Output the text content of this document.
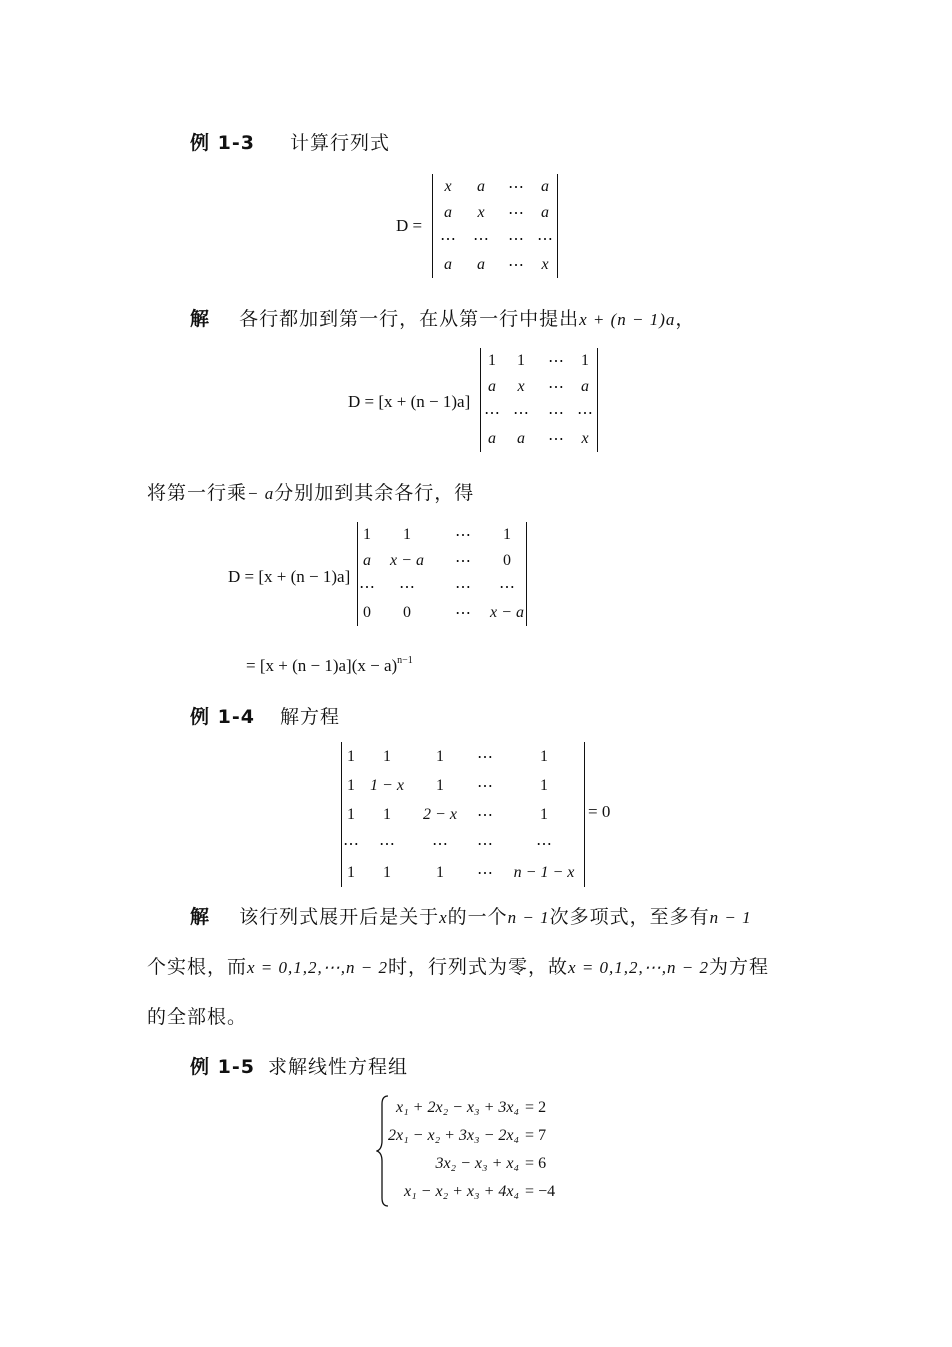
例 1-3 计算行列式
D =
x	a	⋯	a
a	x	⋯	a
⋯	⋯	⋯	⋯
a	a	⋯	x
解 各行都加到第一行，在从第一行中提出x + (n − 1)a，
D = [x + (n − 1)a]
1	1	⋯	1
a	x	⋯	a
⋯	⋯	⋯	⋯
a	a	⋯	x
将第一行乘− a分别加到其余各行，得
D = [x + (n − 1)a]
1	1	⋯	1
a	x − a	⋯	0
⋯	⋯	⋯	⋯
0	0	⋯	x − a
= $[x + (n - 1)a](x - a)^{n-1}$
例 1-4 解方程
1	1	1	⋯	1
1	1 − x	1	⋯	1
1	1	2 − x	⋯	1
⋯	⋯	⋯	⋯	⋯
1	1	1	⋯	n − 1 − x
= 0
解 该行列式展开后是关于x的一个n − 1次多项式，至多有n − 1
个实根，而x = 0,1,2,⋯,n − 2时，行列式为零，故x = 0,1,2,⋯,n − 2为方程
的全部根。
例 1-5 求解线性方程组
x₁ + 2x₂ − x₃ + 3x₄	= 2
2x₁ − x₂ + 3x₃ − 2x₄	= 7
3x₂ − x₃ + x₄	= 6
x₁ − x₂ + x₃ + 4x₄	= −4
